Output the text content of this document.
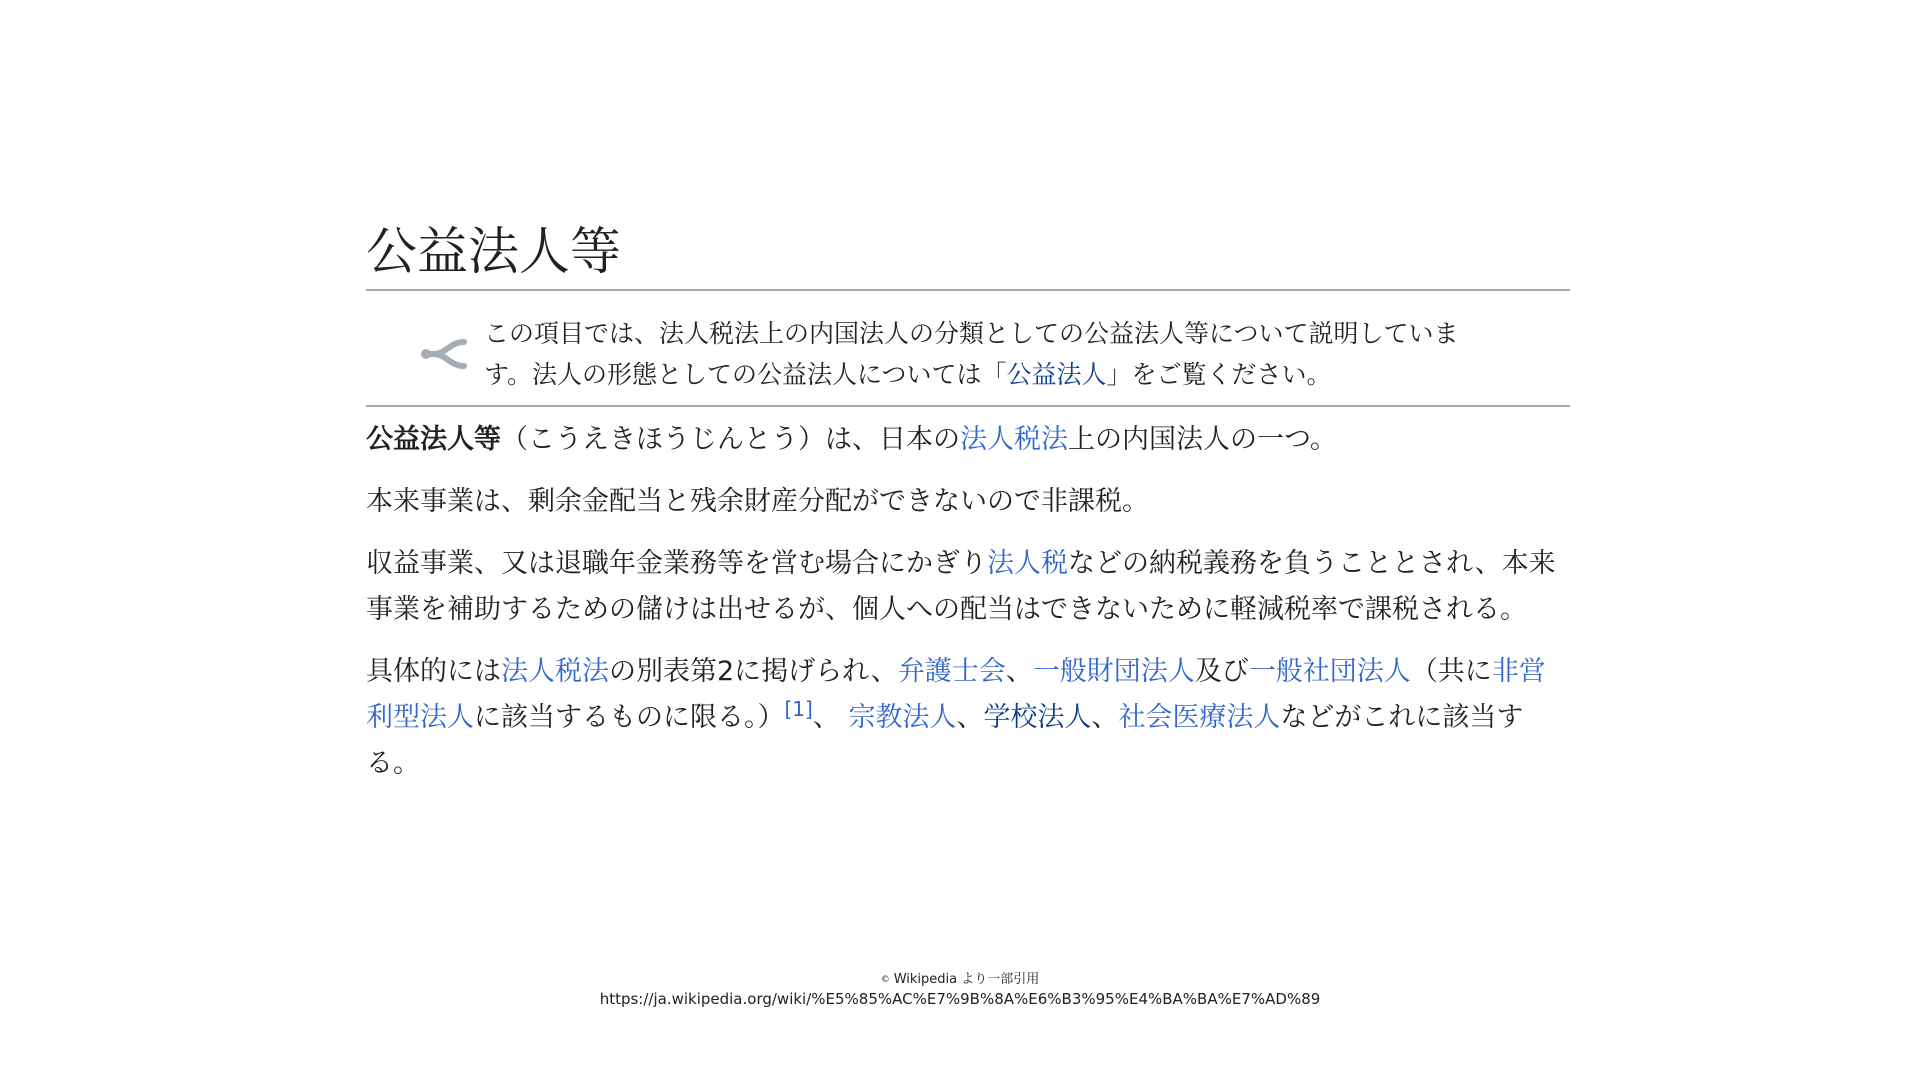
公益法人等
この項目では、法人税法上の内国法人の分類としての公益法人等について説明していま
す。法人の形態としての公益法人については「公益法人」をご覧ください。

公益法人等（こうえきほうじんとう）は、日本の法人税法上の内国法人の一つ。

本来事業は、剰余金配当と残余財産分配ができないので非課税。

収益事業、又は退職年金業務等を営む場合にかぎり法人税などの納税義務を負うこととされ、本来事業を補助するための儲けは出せるが、個人への配当はできないために軽減税率で課税される。

具体的には法人税法の別表第2に掲げられ、弁護士会、一般財団法人及び一般社団法人（共に非営利型法人に該当するものに限る。）[1]、 宗教法人、学校法人、社会医療法人などがこれに該当する。

© Wikipedia より一部引用
https://ja.wikipedia.org/wiki/%E5%85%AC%E7%9B%8A%E6%B3%95%E4%BA%BA%E7%AD%89
